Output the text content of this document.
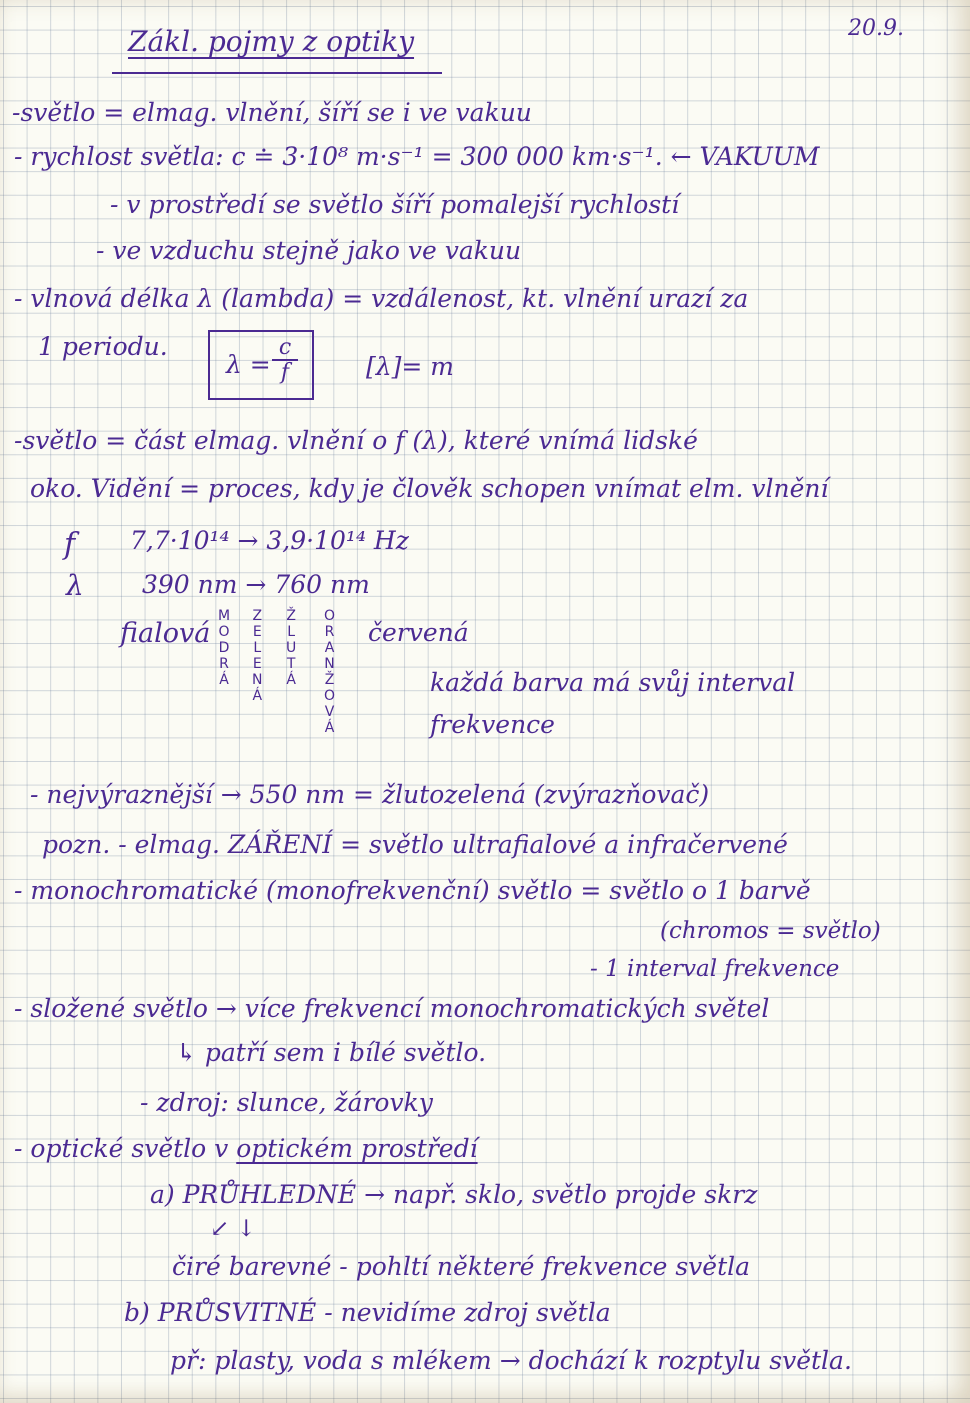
Zákl. pojmy z optiky	20.9.
-světlo = elmag. vlnění, šíří se i ve vakuu
- rychlost světla: c ≐ 3·10⁸ m·s⁻¹ = 300 000 km·s⁻¹. ← VAKUUM
- v prostředí se světlo šíří pomalejší rychlostí
- ve vzduchu stejně jako ve vakuu
- vlnová délka λ (lambda) = vzdálenost, kt. vlnění urazí za
1 periodu.
λ =
c
f	[λ]= m
-světlo = část elmag. vlnění o f (λ), které vnímá lidské
oko. Vidění = proces, kdy je člověk schopen vnímat elm. vlnění
f 7,7·10¹⁴ → 3,9·10¹⁴ Hz
λ 390 nm → 760 nm
fialová
M
O
D
R
Á
Z
E
L
E
N
Á
Ž
L
U
T
Á
O
R
A
N
Ž
O
V
Á
červená
každá barva má svůj interval
frekvence
- nejvýraznější → 550 nm = žlutozelená (zvýrazňovač)
pozn. - elmag. ZÁŘENÍ = světlo ultrafialové a infračervené
- monochromatické (monofrekvenční) světlo = světlo o 1 barvě
(chromos = světlo)
- 1 interval frekvence
- složené světlo → více frekvencí monochromatických světel
↳ patří sem i bílé světlo.
- zdroj: slunce, žárovky
- optické světlo v optickém prostředí
a) PRŮHLEDNÉ → např. sklo, světlo projde skrz
↙ ↓
čiré barevné - pohltí některé frekvence světla
b) PRŮSVITNÉ - nevidíme zdroj světla
př: plasty, voda s mlékem → dochází k rozptylu světla.
